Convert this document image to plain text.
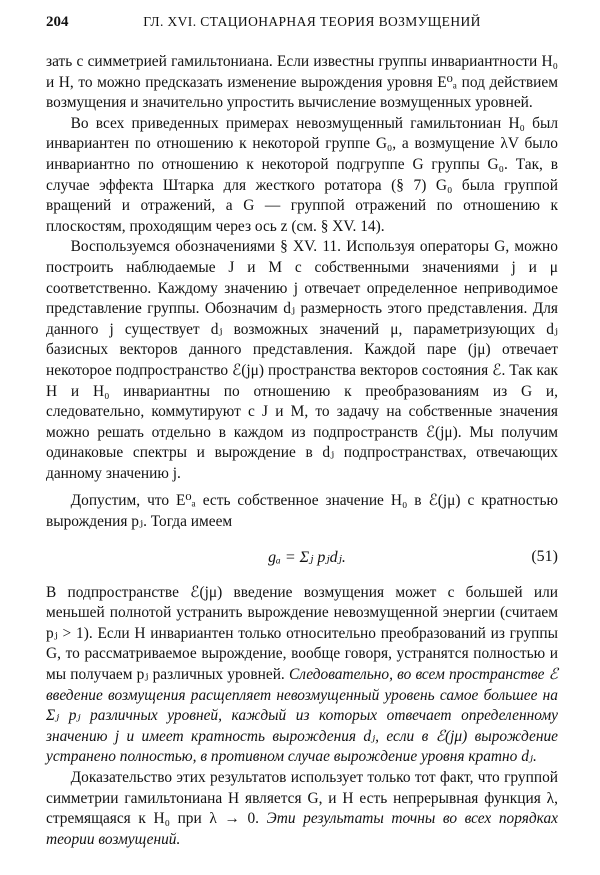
204	ГЛ. XVI. СТАЦИОНАРНАЯ ТЕОРИЯ ВОЗМУЩЕНИЙ

зать с симметрией гамильтониана. Если известны группы инвариантности H₀ и H, то можно предсказать изменение вырождения уровня E⁰ₐ под действием возмущения и значительно упростить вычисление возмущенных уровней.

Во всех приведенных примерах невозмущенный гамильтониан H₀ был инвариантен по отношению к некоторой группе G₀, а возмущение λV было инвариантно по отношению к некоторой подгруппе G группы G₀. Так, в случае эффекта Штарка для жесткого ротатора (§ 7) G₀ была группой вращений и отражений, а G — группой отражений по отношению к плоскостям, проходящим через ось z (см. § XV. 14).

Воспользуемся обозначениями § XV. 11. Используя операторы G, можно построить наблюдаемые J и M с собственными значениями j и μ соответственно. Каждому значению j отвечает определенное неприводимое представление группы. Обозначим dⱼ размерность этого представления. Для данного j существует dⱼ возможных значений μ, параметризующих dⱼ базисных векторов данного представления. Каждой паре (jμ) отвечает некоторое подпространство ℰ(jμ) пространства векторов состояния ℰ. Так как H и H₀ инвариантны по отношению к преобразованиям из G и, следовательно, коммутируют с J и M, то задачу на собственные значения можно решать отдельно в каждом из подпространств ℰ(jμ). Мы получим одинаковые спектры и вырождение в dⱼ подпространствах, отвечающих данному значению j.

Допустим, что E⁰ₐ есть собственное значение H₀ в ℰ(jμ) с кратностью вырождения pⱼ. Тогда имеем

gₐ = Σⱼ pⱼdⱼ.	(51)

В подпространстве ℰ(jμ) введение возмущения может с большей или меньшей полнотой устранить вырождение невозмущенной энергии (считаем pⱼ > 1). Если H инвариантен только относительно преобразований из группы G, то рассматриваемое вырождение, вообще говоря, устранятся полностью и мы получаем pⱼ различных уровней. Следовательно, во всем пространстве ℰ введение возмущения расщепляет невозмущенный уровень самое большее на Σⱼ pⱼ различных уровней, каждый из которых отвечает определенному значению j и имеет кратность вырождения dⱼ, если в ℰ(jμ) вырождение устранено полностью, в противном случае вырождение уровня кратно dⱼ.

Доказательство этих результатов использует только тот факт, что группой симметрии гамильтониана H является G, и H есть непрерывная функция λ, стремящаяся к H₀ при λ → 0. Эти результаты точны во всех порядках теории возмущений.
